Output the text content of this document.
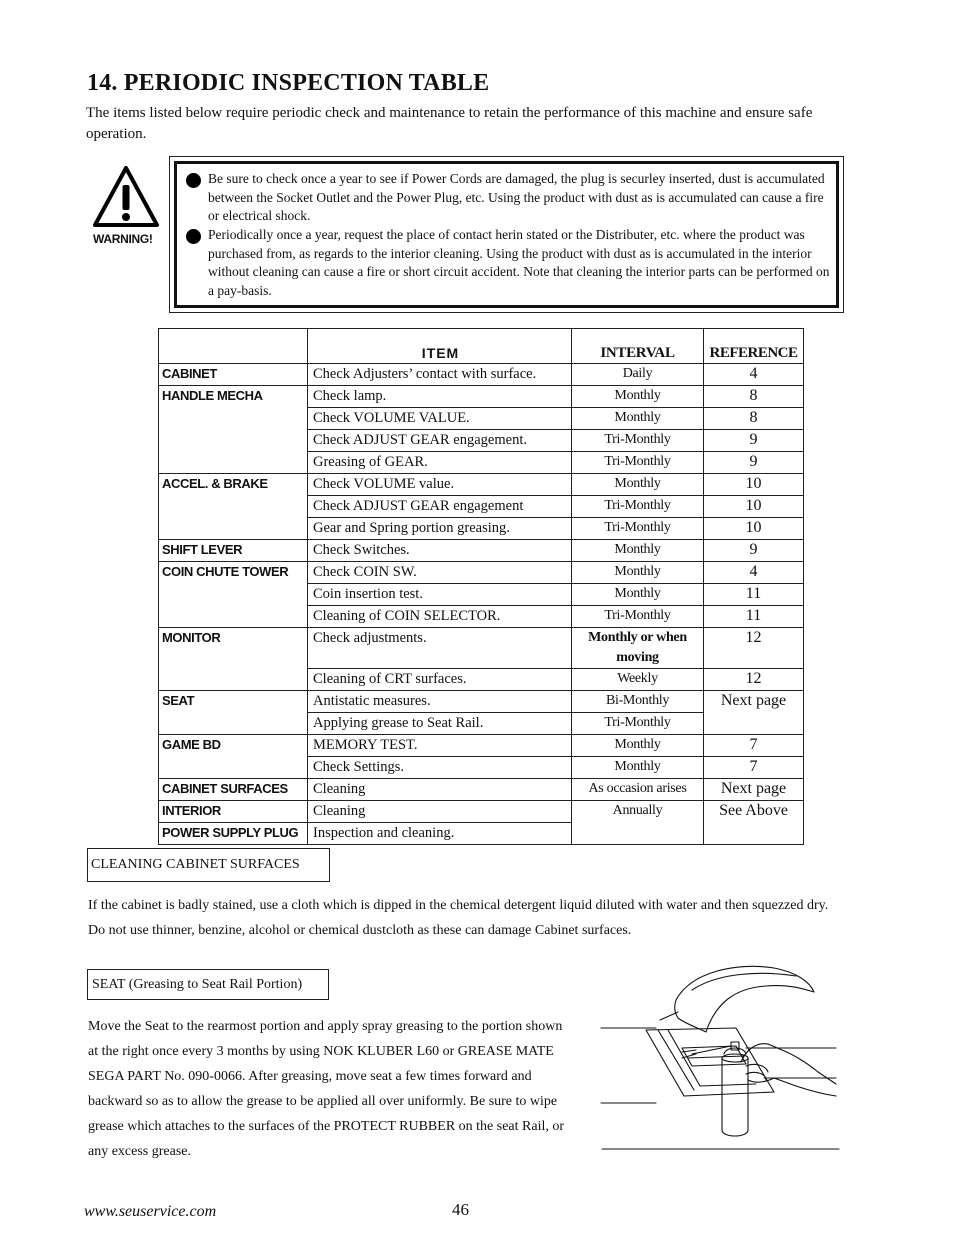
14. PERIODIC INSPECTION TABLE
The items listed below require periodic check and maintenance to retain the performance of this machine and ensure safe operation.
WARNING!
Be sure to check once a year to see if Power Cords are damaged, the plug is securley inserted, dust is accumulated between the Socket Outlet and the Power Plug, etc. Using the product with dust as is accumulated can cause a fire or electrical shock.
Periodically once a year, request the place of contact herin stated or the Distributer, etc. where the product was purchased from, as regards to the interior cleaning. Using the product with dust as is accumulated in the interior without cleaning can cause a fire or short circuit accident. Note that cleaning the interior parts can be performed on a pay-basis.
	ITEM	INTERVAL	REFERENCE
CABINET	Check Adjusters’ contact with surface.	Daily	4
HANDLE MECHA	Check lamp.	Monthly	8
	Check VOLUME VALUE.	Monthly	8
	Check ADJUST GEAR engagement.	Tri-Monthly	9
	Greasing of GEAR.	Tri-Monthly	9
ACCEL. & BRAKE	Check VOLUME value.	Monthly	10
	Check ADJUST GEAR engagement	Tri-Monthly	10
	Gear and Spring portion greasing.	Tri-Monthly	10
SHIFT LEVER	Check Switches.	Monthly	9
COIN CHUTE TOWER	Check COIN SW.	Monthly	4
	Coin insertion test.	Monthly	11
	Cleaning of COIN SELECTOR.	Tri-Monthly	11
MONITOR	Check adjustments.	Monthly or when moving	12
	Cleaning of CRT surfaces.	Weekly	12
SEAT	Antistatic measures.	Bi-Monthly	Next page
	Applying grease to Seat Rail.	Tri-Monthly	
GAME BD	MEMORY TEST.	Monthly	7
	Check Settings.	Monthly	7
CABINET SURFACES	Cleaning	As occasion arises	Next page
INTERIOR	Cleaning	Annually	See Above
POWER SUPPLY PLUG	Inspection and cleaning.		
CLEANING CABINET SURFACES
If the cabinet is badly stained, use a cloth which is dipped in the chemical detergent liquid diluted with water and then squezzed dry. Do not use thinner, benzine, alcohol or chemical dustcloth as these can damage Cabinet surfaces.
SEAT (Greasing to Seat Rail Portion)
Move the Seat to the rearmost portion and apply spray greasing to the portion shown at the right once every 3 months by using NOK KLUBER L60 or GREASE MATE SEGA PART No. 090-0066. After greasing, move seat a few times forward and backward so as to allow the grease to be applied all over uniformly. Be sure to wipe grease which attaches to the surfaces of the PROTECT RUBBER on the seat Rail, or any excess grease.
www.seuservice.com	46
